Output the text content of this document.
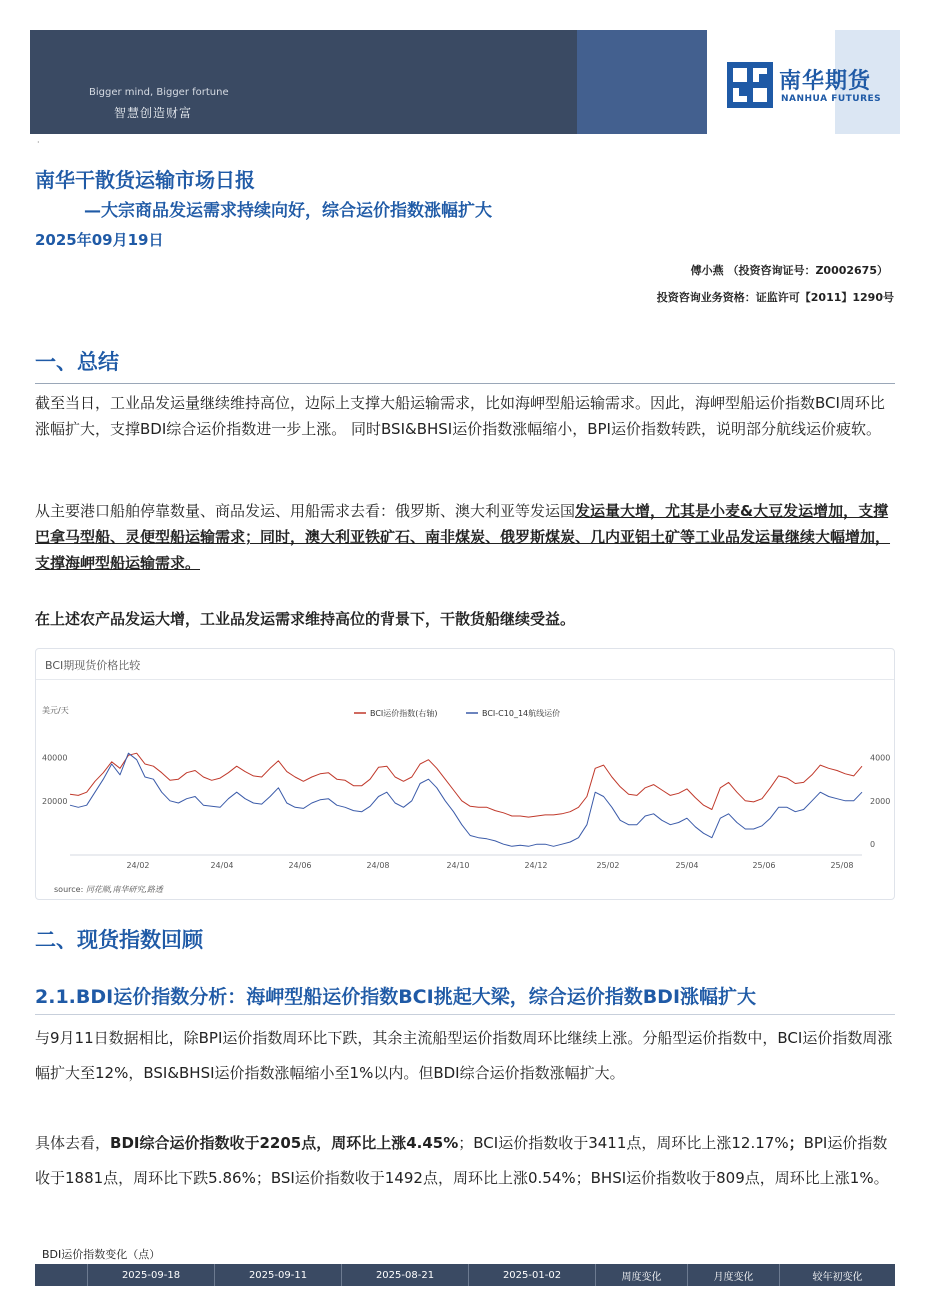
Bigger mind, Bigger fortune
智慧创造财富
南华期货
NANHUA FUTURES
·
南华干散货运输市场日报
—大宗商品发运需求持续向好，综合运价指数涨幅扩大
2025年09月19日
傅小燕 （投资咨询证号：Z0002675）
投资咨询业务资格：证监许可【2011】1290号
一、总结
截至当日，工业品发运量继续维持高位，边际上支撑大船运输需求，比如海岬型船运输需求。因此，海岬型船运价指数BCI周环比涨幅扩大，支撑BDI综合运价指数进一步上涨。 同时BSI&BHSI运价指数涨幅缩小，BPI运价指数转跌，说明部分航线运价疲软。
从主要港口船舶停靠数量、商品发运、用船需求去看：俄罗斯、澳大利亚等发运国发运量大增，尤其是小麦&大豆发运增加，支撑巴拿马型船、灵便型船运输需求；同时，澳大利亚铁矿石、南非煤炭、俄罗斯煤炭、几内亚铝土矿等工业品发运量继续大幅增加，支撑海岬型船运输需求。
在上述农产品发运大增，工业品发运需求维持高位的背景下，干散货船继续受益。
BCI期现货价格比较
美元/天
40000
20000
4000
2000
0
24/02	24/04	24/06	24/08	24/10	24/12	25/02	25/04	25/06	25/08
BCI运价指数(右轴)	BCI-C10_14航线运价
source: 同花顺,南华研究,路透
二、现货指数回顾
2.1.BDI运价指数分析：海岬型船运价指数BCI挑起大梁，综合运价指数BDI涨幅扩大
与9月11日数据相比，除BPI运价指数周环比下跌，其余主流船型运价指数周环比继续上涨。分船型运价指数中，BCI运价指数周涨幅扩大至12%，BSI&BHSI运价指数涨幅缩小至1%以内。但BDI综合运价指数涨幅扩大。
具体去看，BDI综合运价指数收于2205点，周环比上涨4.45%；BCI运价指数收于3411点，周环比上涨12.17%；BPI运价指数收于1881点，周环比下跌5.86%；BSI运价指数收于1492点，周环比上涨0.54%；BHSI运价指数收于809点，周环比上涨1%。
BDI运价指数变化（点）
2025-09-18	2025-09-11	2025-08-21	2025-01-02	周度变化	月度变化	较年初变化
